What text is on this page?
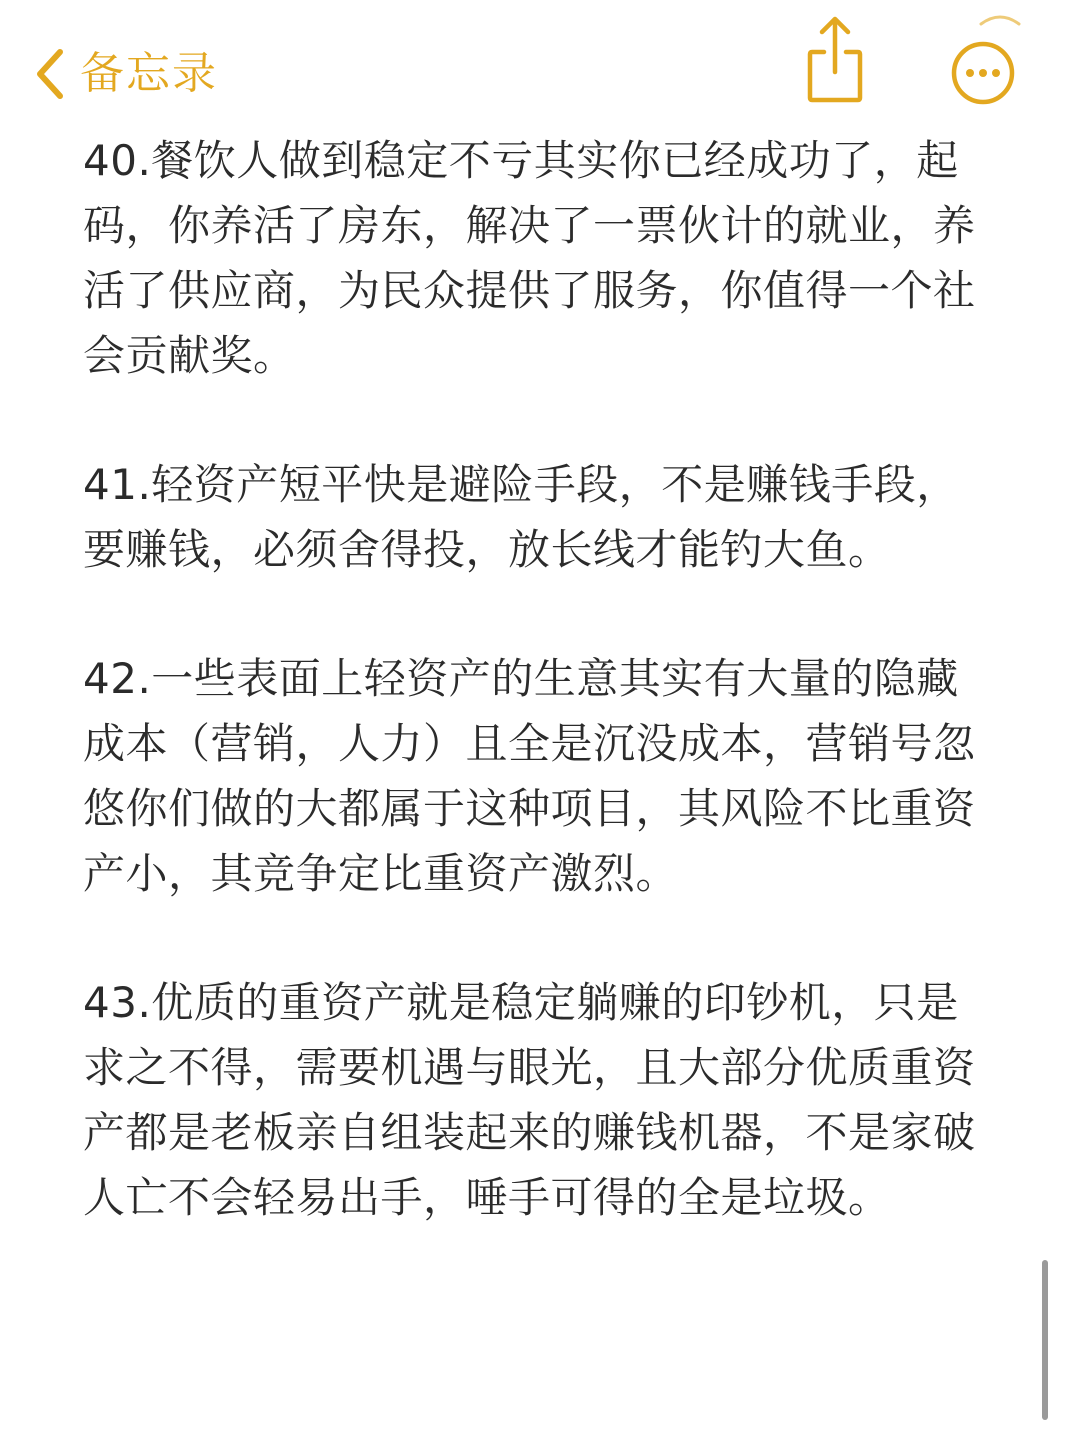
备忘录

40.餐饮人做到稳定不亏其实你已经成功了，起码，你养活了房东，解决了一票伙计的就业，养活了供应商，为民众提供了服务，你值得一个社会贡献奖。

41.轻资产短平快是避险手段，不是赚钱手段，要赚钱，必须舍得投，放长线才能钓大鱼。

42.一些表面上轻资产的生意其实有大量的隐藏成本（营销，人力）且全是沉没成本，营销号忽悠你们做的大都属于这种项目，其风险不比重资产小，其竞争定比重资产激烈。

43.优质的重资产就是稳定躺赚的印钞机，只是求之不得，需要机遇与眼光，且大部分优质重资产都是老板亲自组装起来的赚钱机器，不是家破人亡不会轻易出手，唾手可得的全是垃圾。
